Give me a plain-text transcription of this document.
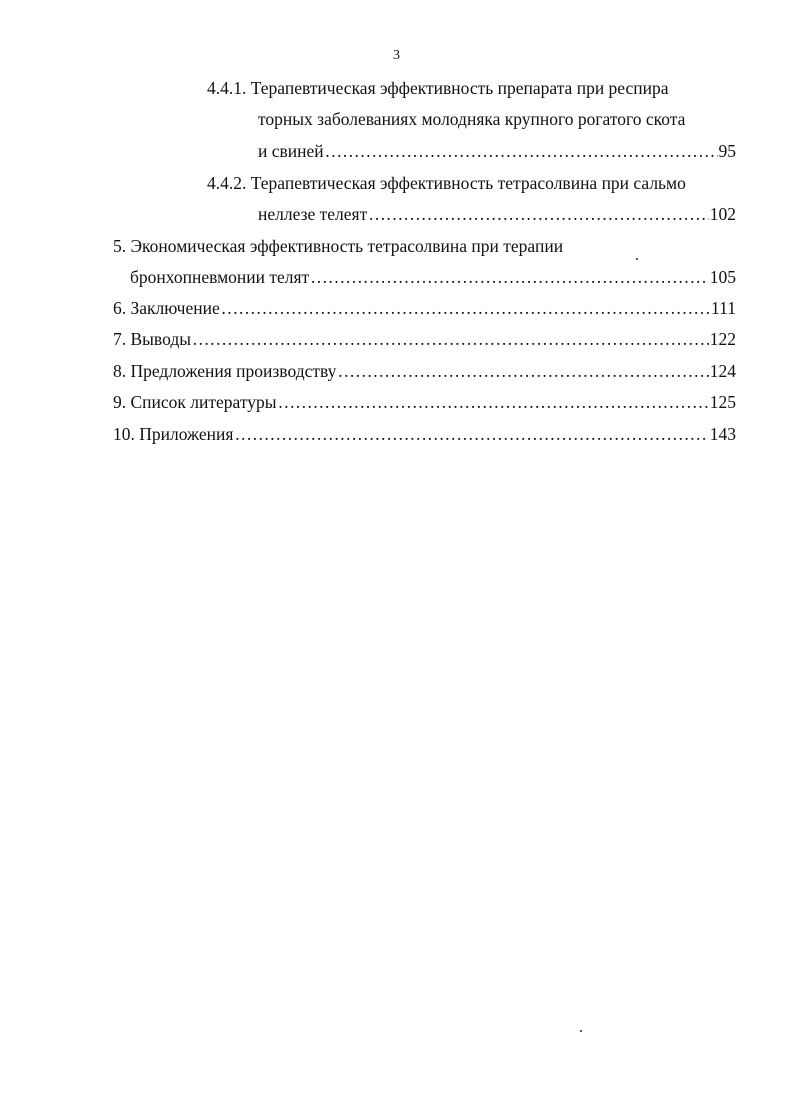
3
4.4.1. Терапевтическая эффективность препарата при респира
торных заболеваниях молодняка крупного рогатого скота
и свиней ……………………………………………………………………………………………………………………………………………………………………	95
4.4.2. Терапевтическая эффективность тетрасолвина при сальмо
неллезе телеят ……………………………………………………………………………………………………………………………………………………………………	102
5. Экономическая эффективность тетрасолвина при терапии
бронхопневмонии телят ……………………………………………………………………………………………………………………………………………………………………	105
6. Заключение ……………………………………………………………………………………………………………………………………………………………………	111
7. Выводы ……………………………………………………………………………………………………………………………………………………………………	122
8. Предложения производству ……………………………………………………………………………………………………………………………………………………………………	124
9. Список литературы ……………………………………………………………………………………………………………………………………………………………………	125
10. Приложения ……………………………………………………………………………………………………………………………………………………………………	143
